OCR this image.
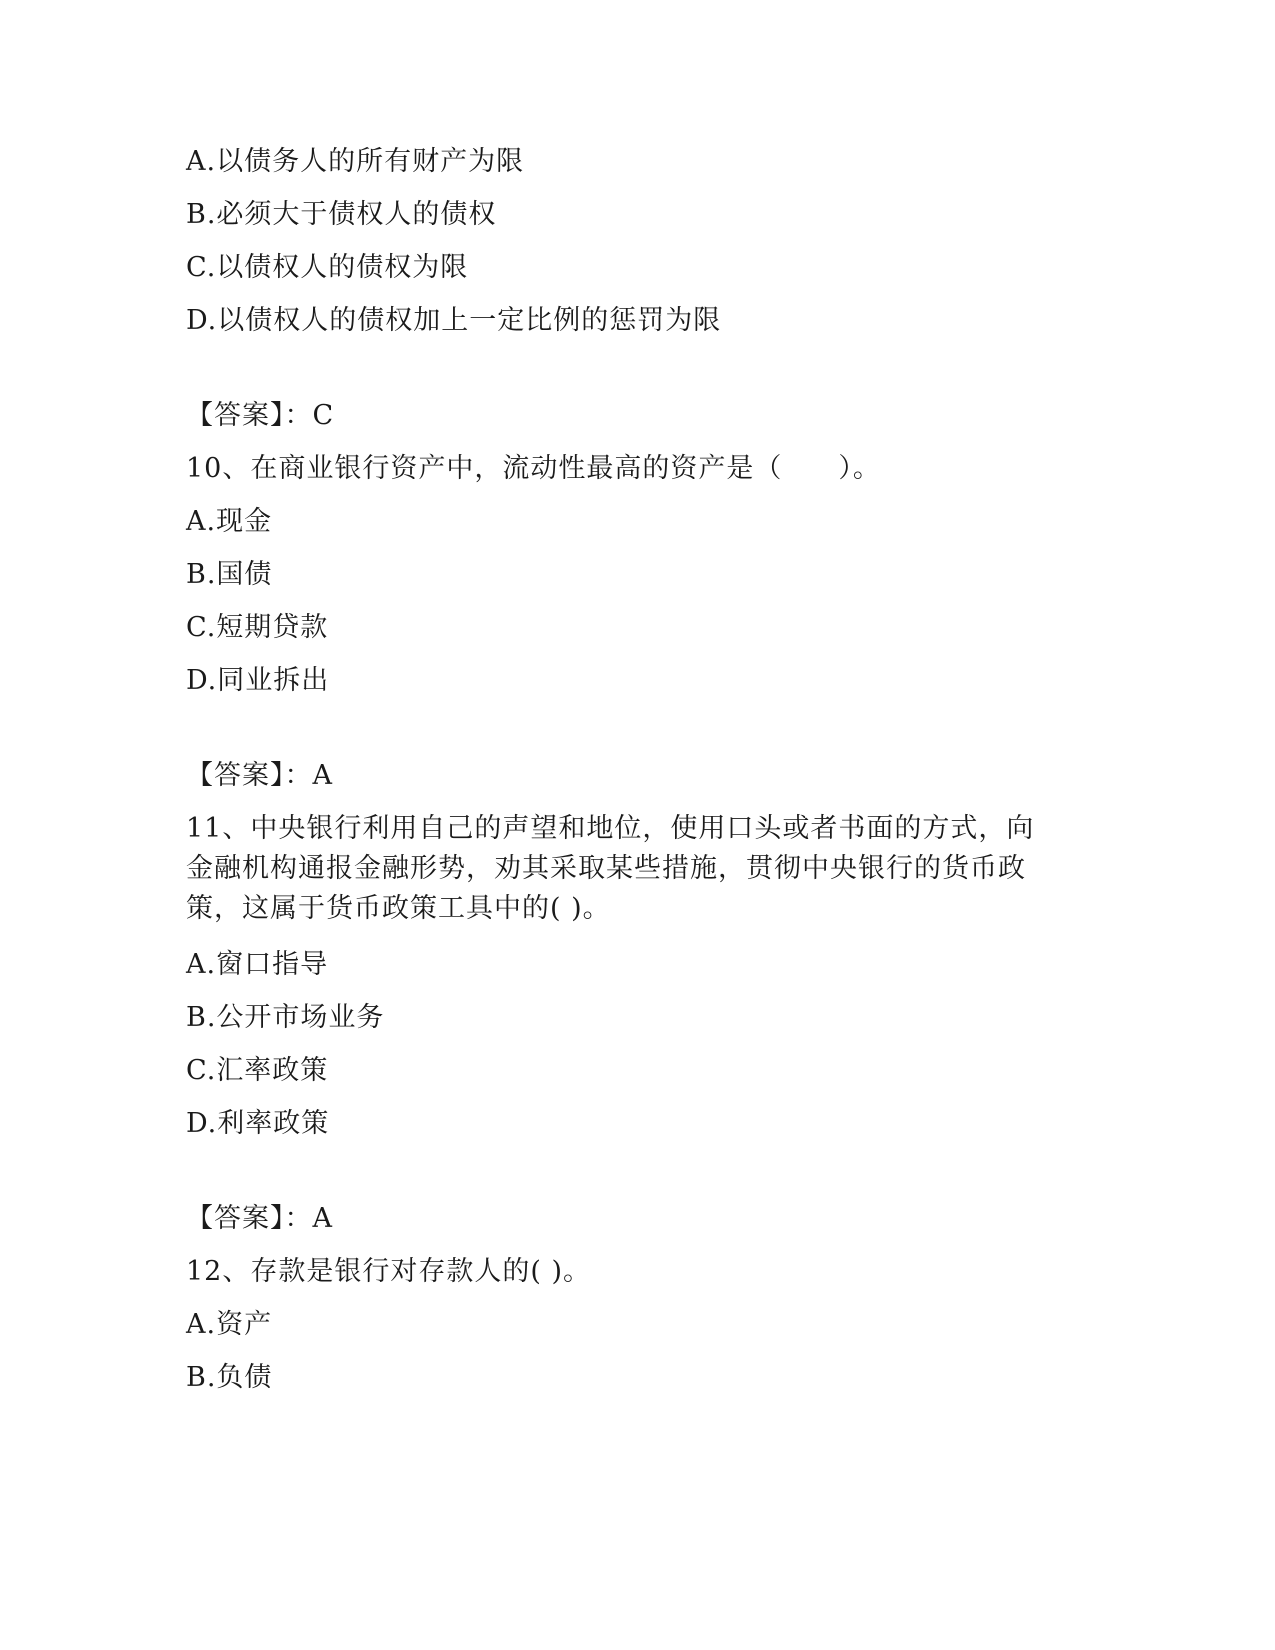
A.以债务人的所有财产为限
B.必须大于债权人的债权
C.以债权人的债权为限
D.以债权人的债权加上一定比例的惩罚为限
【答案】：C
10、在商业银行资产中，流动性最高的资产是（　　）。
A.现金
B.国债
C.短期贷款
D.同业拆出
【答案】：A
11、中央银行利用自己的声望和地位，使用口头或者书面的方式，向
金融机构通报金融形势，劝其采取某些措施，贯彻中央银行的货币政
策，这属于货币政策工具中的( )。
A.窗口指导
B.公开市场业务
C.汇率政策
D.利率政策
【答案】：A
12、存款是银行对存款人的( )。
A.资产
B.负债
